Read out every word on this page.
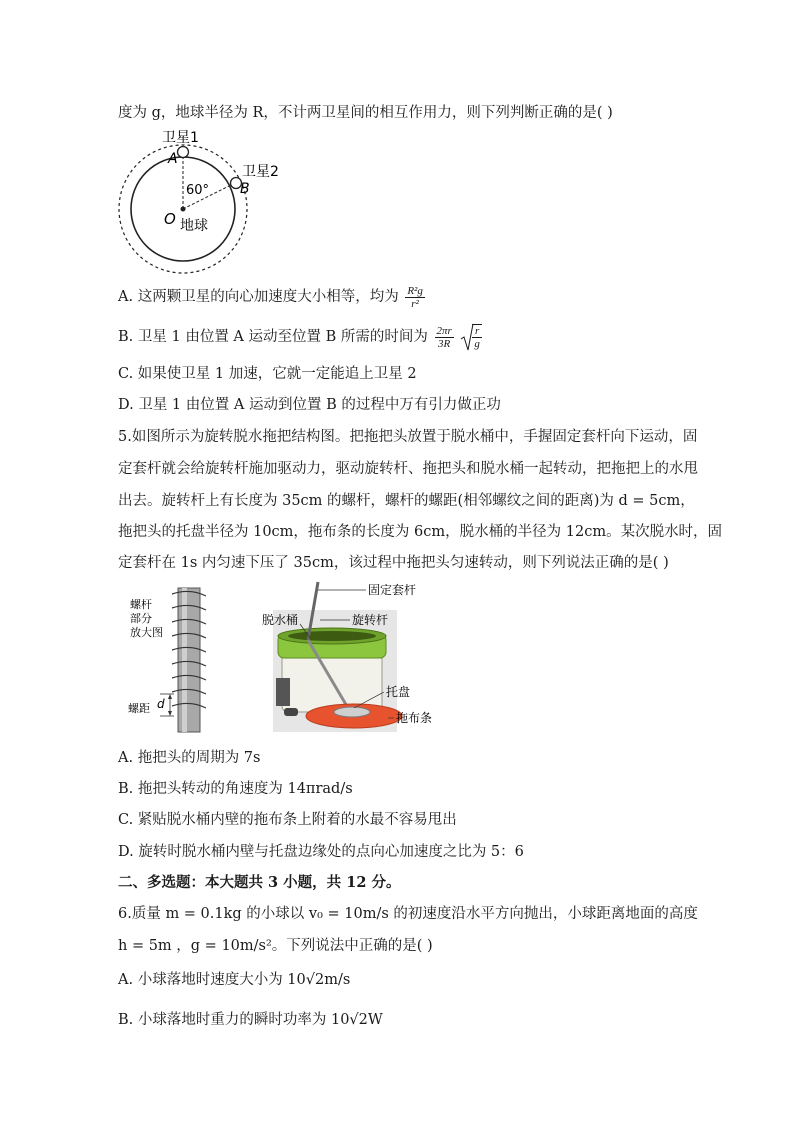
度为 g，地球半径为 R，不计两卫星间的相互作用力，则下列判断正确的是( )
卫星1
卫星2
A
B
60°
O 地球
A. 这两颗卫星的向心加速度大小相等，均为 $\frac{\text{R²g}}{\text{r²}}$
B. 卫星 1 由位置 A 运动至位置 B 所需的时间为 $\frac{2\pi r}{3R}$
$\frac{r}{g}$
C. 如果使卫星 1 加速，它就一定能追上卫星 2
D. 卫星 1 由位置 A 运动到位置 B 的过程中万有引力做正功
5.如图所示为旋转脱水拖把结构图。把拖把头放置于脱水桶中，手握固定套杆向下运动，固
定套杆就会给旋转杆施加驱动力，驱动旋转杆、拖把头和脱水桶一起转动，把拖把上的水甩
出去。旋转杆上有长度为 35cm 的螺杆，螺杆的螺距(相邻螺纹之间的距离)为 d = 5cm，
拖把头的托盘半径为 10cm，拖布条的长度为 6cm，脱水桶的半径为 12cm。某次脱水时，固
定套杆在 1s 内匀速下压了 35cm，该过程中拖把头匀速转动，则下列说法正确的是( )
螺杆
部分
放大图
d
螺距
固定套杆
脱水桶	旋转杆
托盘
拖布条
A. 拖把头的周期为 7s
B. 拖把头转动的角速度为 14πrad/s
C. 紧贴脱水桶内壁的拖布条上附着的水最不容易甩出
D. 旋转时脱水桶内壁与托盘边缘处的点向心加速度之比为 5：6
二、多选题：本大题共 3 小题，共 12 分。
6.质量 m = 0.1kg 的小球以 v₀ = 10m/s 的初速度沿水平方向抛出，小球距离地面的高度
h = 5m ，g = 10m/s²。下列说法中正确的是( )
A. 小球落地时速度大小为 10√2m/s
B. 小球落地时重力的瞬时功率为 10√2W
